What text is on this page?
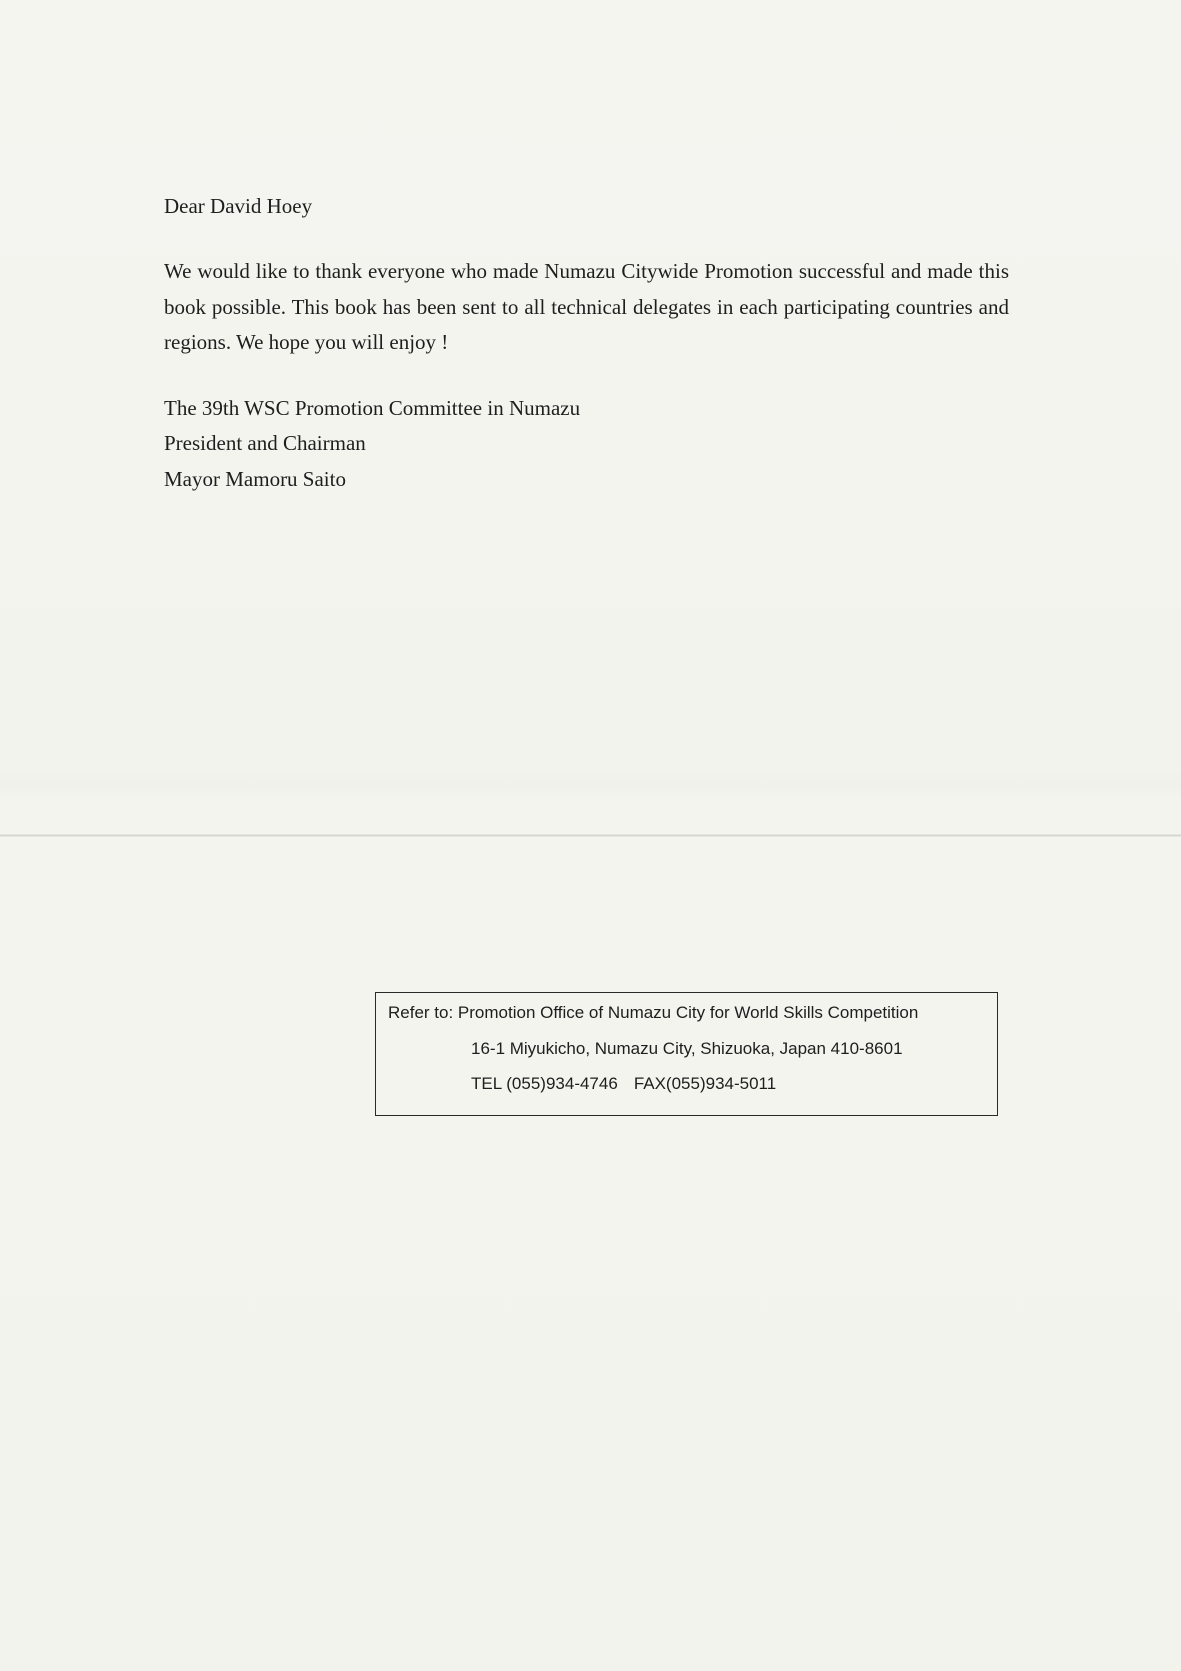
Dear David Hoey

We would like to thank everyone who made Numazu Citywide Promotion successful and made this book possible. This book has been sent to all technical delegates in each participating countries and regions. We hope you will enjoy !

The 39th WSC Promotion Committee in Numazu
President and Chairman
Mayor Mamoru Saito
Refer to: Promotion Office of Numazu City for World Skills Competition
16-1 Miyukicho, Numazu City, Shizuoka, Japan 410-8601
TEL (055)934-4746 FAX(055)934-5011
